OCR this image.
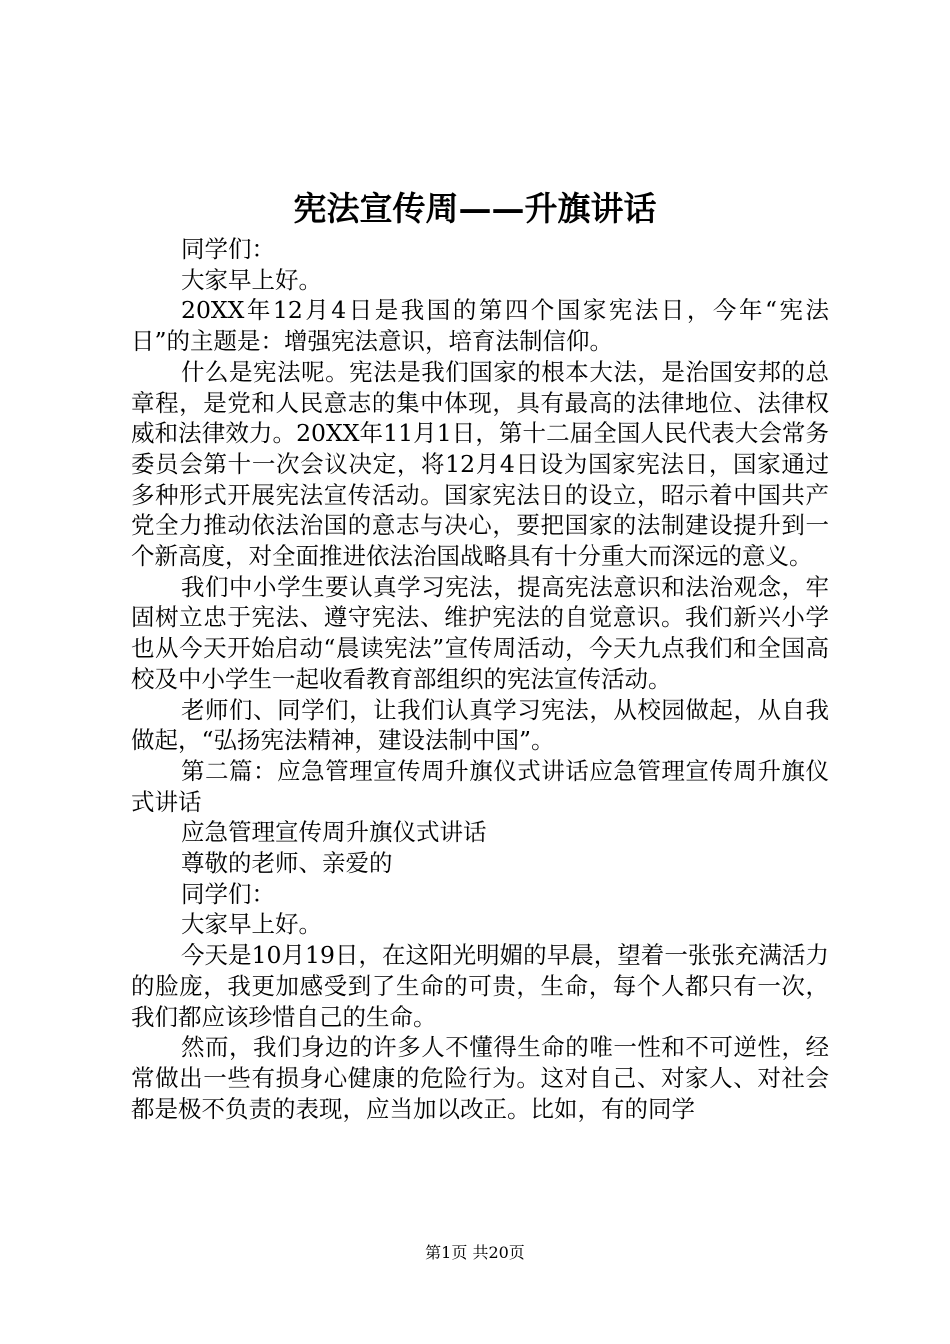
宪法宣传周——升旗讲话

同学们：

大家早上好。

20XX年12月4日是我国的第四个国家宪法日，今年“宪法日”的主题是：增强宪法意识，培育法制信仰。

什么是宪法呢。宪法是我们国家的根本大法，是治国安邦的总章程，是党和人民意志的集中体现，具有最高的法律地位、法律权威和法律效力。20XX年11月1日，第十二届全国人民代表大会常务委员会第十一次会议决定，将12月4日设为国家宪法日，国家通过多种形式开展宪法宣传活动。国家宪法日的设立，昭示着中国共产党全力推动依法治国的意志与决心，要把国家的法制建设提升到一个新高度，对全面推进依法治国战略具有十分重大而深远的意义。

我们中小学生要认真学习宪法，提高宪法意识和法治观念，牢固树立忠于宪法、遵守宪法、维护宪法的自觉意识。我们新兴小学也从今天开始启动“晨读宪法”宣传周活动，今天九点我们和全国高校及中小学生一起收看教育部组织的宪法宣传活动。

老师们、同学们，让我们认真学习宪法，从校园做起，从自我做起，“弘扬宪法精神，建设法制中国”。

第二篇：应急管理宣传周升旗仪式讲话应急管理宣传周升旗仪式讲话

应急管理宣传周升旗仪式讲话

尊敬的老师、亲爱的

同学们：

大家早上好。

今天是10月19日，在这阳光明媚的早晨，望着一张张充满活力的脸庞，我更加感受到了生命的可贵，生命，每个人都只有一次，我们都应该珍惜自己的生命。

然而，我们身边的许多人不懂得生命的唯一性和不可逆性，经常做出一些有损身心健康的危险行为。这对自己、对家人、对社会都是极不负责的表现，应当加以改正。比如，有的同学

第1页 共20页
